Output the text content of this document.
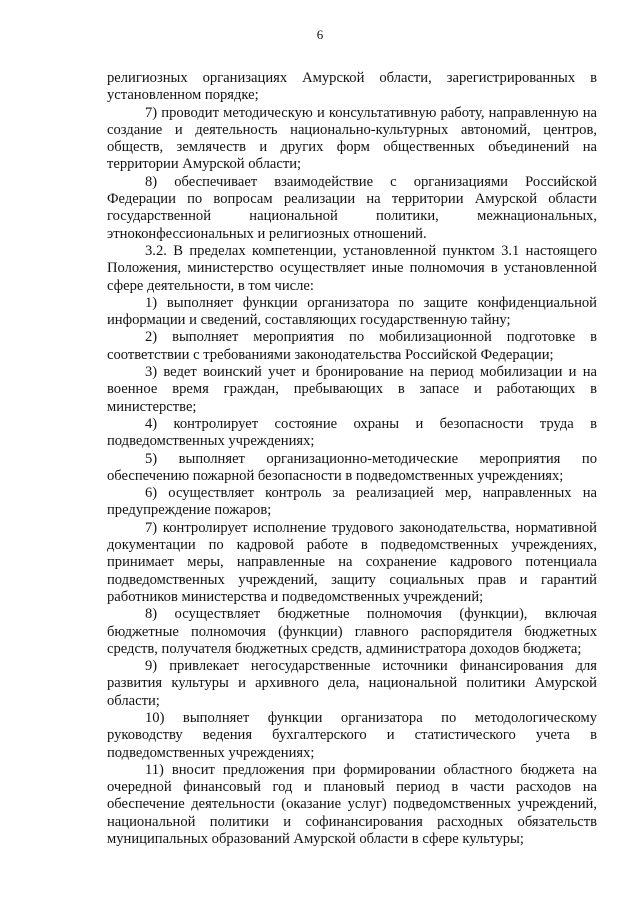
6

религиозных организациях Амурской области, зарегистрированных в установленном порядке;

7) проводит методическую и консультативную работу, направленную на создание и деятельность национально-культурных автономий, центров, обществ, землячеств и других форм общественных объединений на территории Амурской области;

8) обеспечивает взаимодействие с организациями Российской Федерации по вопросам реализации на территории Амурской области государственной национальной политики, межнациональных, этноконфессиональных и религиозных отношений.

3.2. В пределах компетенции, установленной пунктом 3.1 настоящего Положения, министерство осуществляет иные полномочия в установленной сфере деятельности, в том числе:

1) выполняет функции организатора по защите конфиденциальной информации и сведений, составляющих государственную тайну;

2) выполняет мероприятия по мобилизационной подготовке в соответствии с требованиями законодательства Российской Федерации;

3) ведет воинский учет и бронирование на период мобилизации и на военное время граждан, пребывающих в запасе и работающих в министерстве;

4) контролирует состояние охраны и безопасности труда в подведомственных учреждениях;

5) выполняет организационно-методические мероприятия по обеспечению пожарной безопасности в подведомственных учреждениях;

6) осуществляет контроль за реализацией мер, направленных на предупреждение пожаров;

7) контролирует исполнение трудового законодательства, нормативной документации по кадровой работе в подведомственных учреждениях, принимает меры, направленные на сохранение кадрового потенциала подведомственных учреждений, защиту социальных прав и гарантий работников министерства и подведомственных учреждений;

8) осуществляет бюджетные полномочия (функции), включая бюджетные полномочия (функции) главного распорядителя бюджетных средств, получателя бюджетных средств, администратора доходов бюджета;

9) привлекает негосударственные источники финансирования для развития культуры и архивного дела, национальной политики Амурской области;

10) выполняет функции организатора по методологическому руководству ведения бухгалтерского и статистического учета в подведомственных учреждениях;

11) вносит предложения при формировании областного бюджета на очередной финансовый год и плановый период в части расходов на обеспечение деятельности (оказание услуг) подведомственных учреждений, национальной политики и софинансирования расходных обязательств муниципальных образований Амурской области в сфере культуры;
